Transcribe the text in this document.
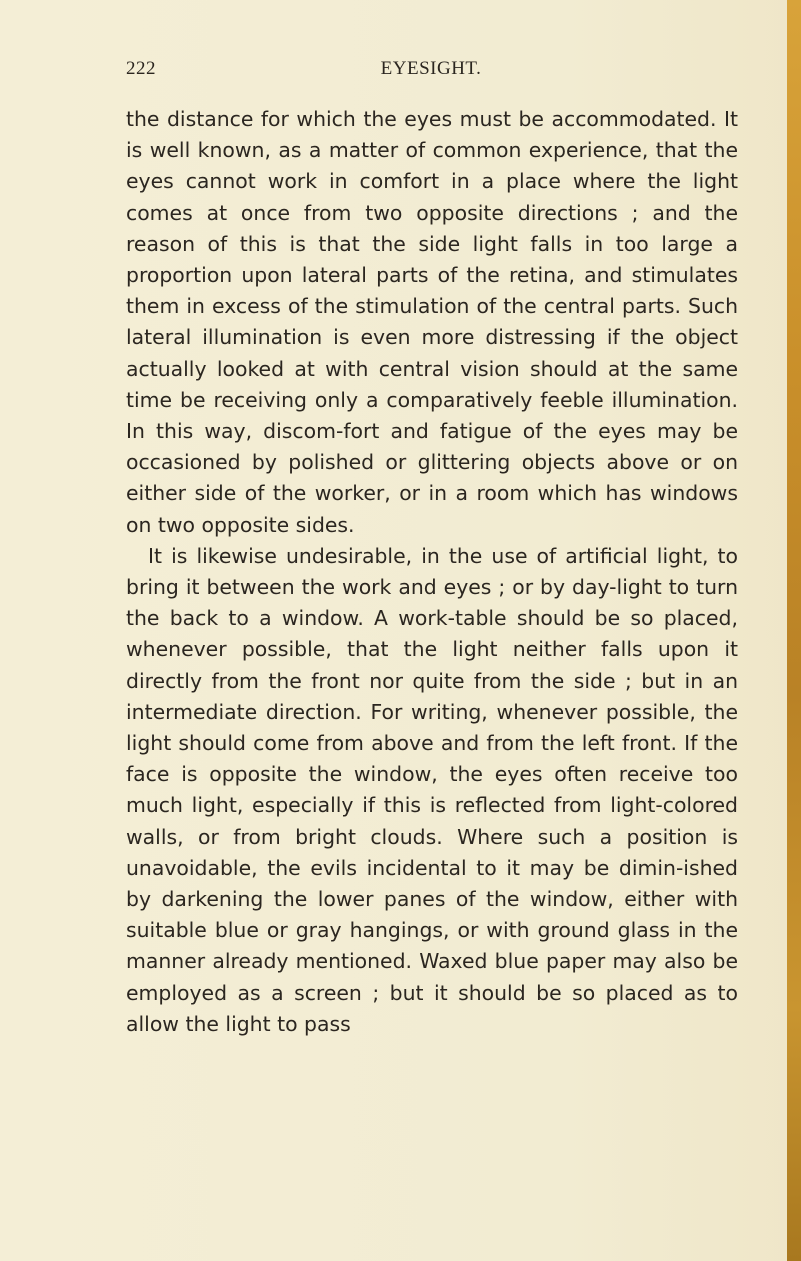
222	EYESIGHT.

the distance for which the eyes must be accommodated. It is well known, as a matter of common experience, that the eyes cannot work in comfort in a place where the light comes at once from two opposite directions ; and the reason of this is that the side light falls in too large a proportion upon lateral parts of the retina, and stimulates them in excess of the stimulation of the central parts. Such lateral illumination is even more distressing if the object actually looked at with central vision should at the same time be receiving only a comparatively feeble illumination. In this way, discom-fort and fatigue of the eyes may be occasioned by polished or glittering objects above or on either side of the worker, or in a room which has windows on two opposite sides.

It is likewise undesirable, in the use of artificial light, to bring it between the work and eyes ; or by day-light to turn the back to a window. A work-table should be so placed, whenever possible, that the light neither falls upon it directly from the front nor quite from the side ; but in an intermediate direction. For writing, whenever possible, the light should come from above and from the left front. If the face is opposite the window, the eyes often receive too much light, especially if this is reflected from light-colored walls, or from bright clouds. Where such a position is unavoidable, the evils incidental to it may be dimin-ished by darkening the lower panes of the window, either with suitable blue or gray hangings, or with ground glass in the manner already mentioned. Waxed blue paper may also be employed as a screen ; but it should be so placed as to allow the light to pass
